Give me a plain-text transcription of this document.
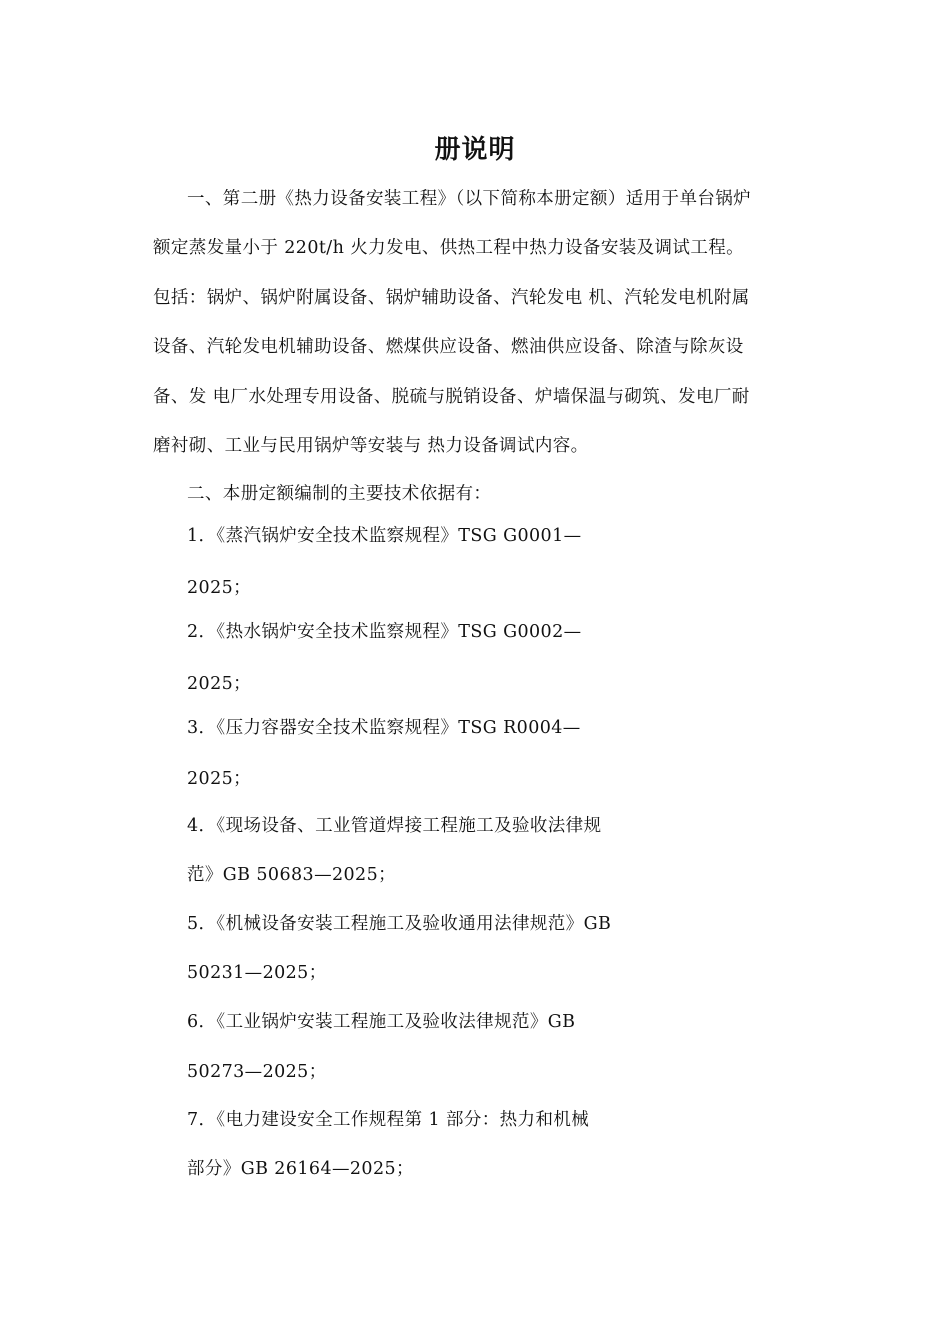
册说明
一、第二册《热力设备安装工程》（以下简称本册定额）适用于单台锅炉
额定蒸发量小于 220t/h 火力发电、供热工程中热力设备安装及调试工程。
包括：锅炉、锅炉附属设备、锅炉辅助设备、汽轮发电 机、汽轮发电机附属
设备、汽轮发电机辅助设备、燃煤供应设备、燃油供应设备、除渣与除灰设
备、发 电厂水处理专用设备、脱硫与脱销设备、炉墙保温与砌筑、发电厂耐
磨衬砌、工业与民用锅炉等安装与 热力设备调试内容。
二、本册定额编制的主要技术依据有：
1．《蒸汽锅炉安全技术监察规程》TSG G0001—
2025；
2．《热水锅炉安全技术监察规程》TSG G0002—
2025；
3．《压力容器安全技术监察规程》TSG R0004—
2025；
4．《现场设备、工业管道焊接工程施工及验收法律规
范》GB 50683—2025；
5．《机械设备安装工程施工及验收通用法律规范》GB
50231—2025；
6．《工业锅炉安装工程施工及验收法律规范》GB
50273—2025；
7．《电力建设安全工作规程第 1 部分：热力和机械
部分》GB 26164—2025；
